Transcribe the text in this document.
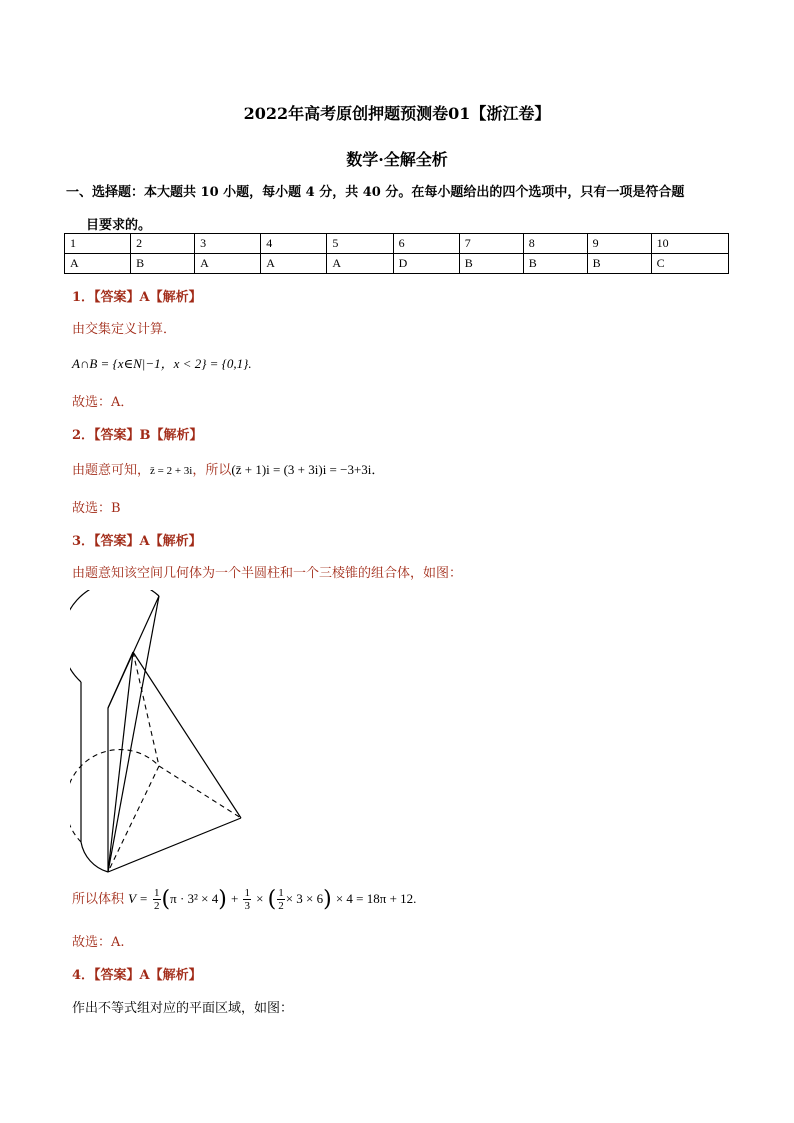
2022年高考原创押题预测卷01【浙江卷】
数学·全解全析
一、选择题：本大题共 10 小题，每小题 4 分，共 40 分。在每小题给出的四个选项中，只有一项是符合题
目要求的。
1	2	3	4	5	6	7	8	9	10
A	B	A	A	A	D	B	B	B	C
1．【答案】A【解析】
由交集定义计算．
A∩B = {x∈N|−1，x < 2} = {0,1}.
故选：A．
2．【答案】B【解析】
由题意可知，z̄ = 2 + 3i，所以(z̄ + 1)i = (3 + 3i)i = −3+3i．
故选：B
3．【答案】A【解析】
由题意知该空间几何体为一个半圆柱和一个三棱锥的组合体，如图：
所以体积 $V = \frac{1}{2} (\pi \cdot 3^2 \times 4) + \frac{1}{3}$ × ( $\frac{1}{2} \times 3 \times 6) \times 4 = 18\pi + 12$.
故选：A.
4．【答案】A【解析】
作出不等式组对应的平面区域，如图：
